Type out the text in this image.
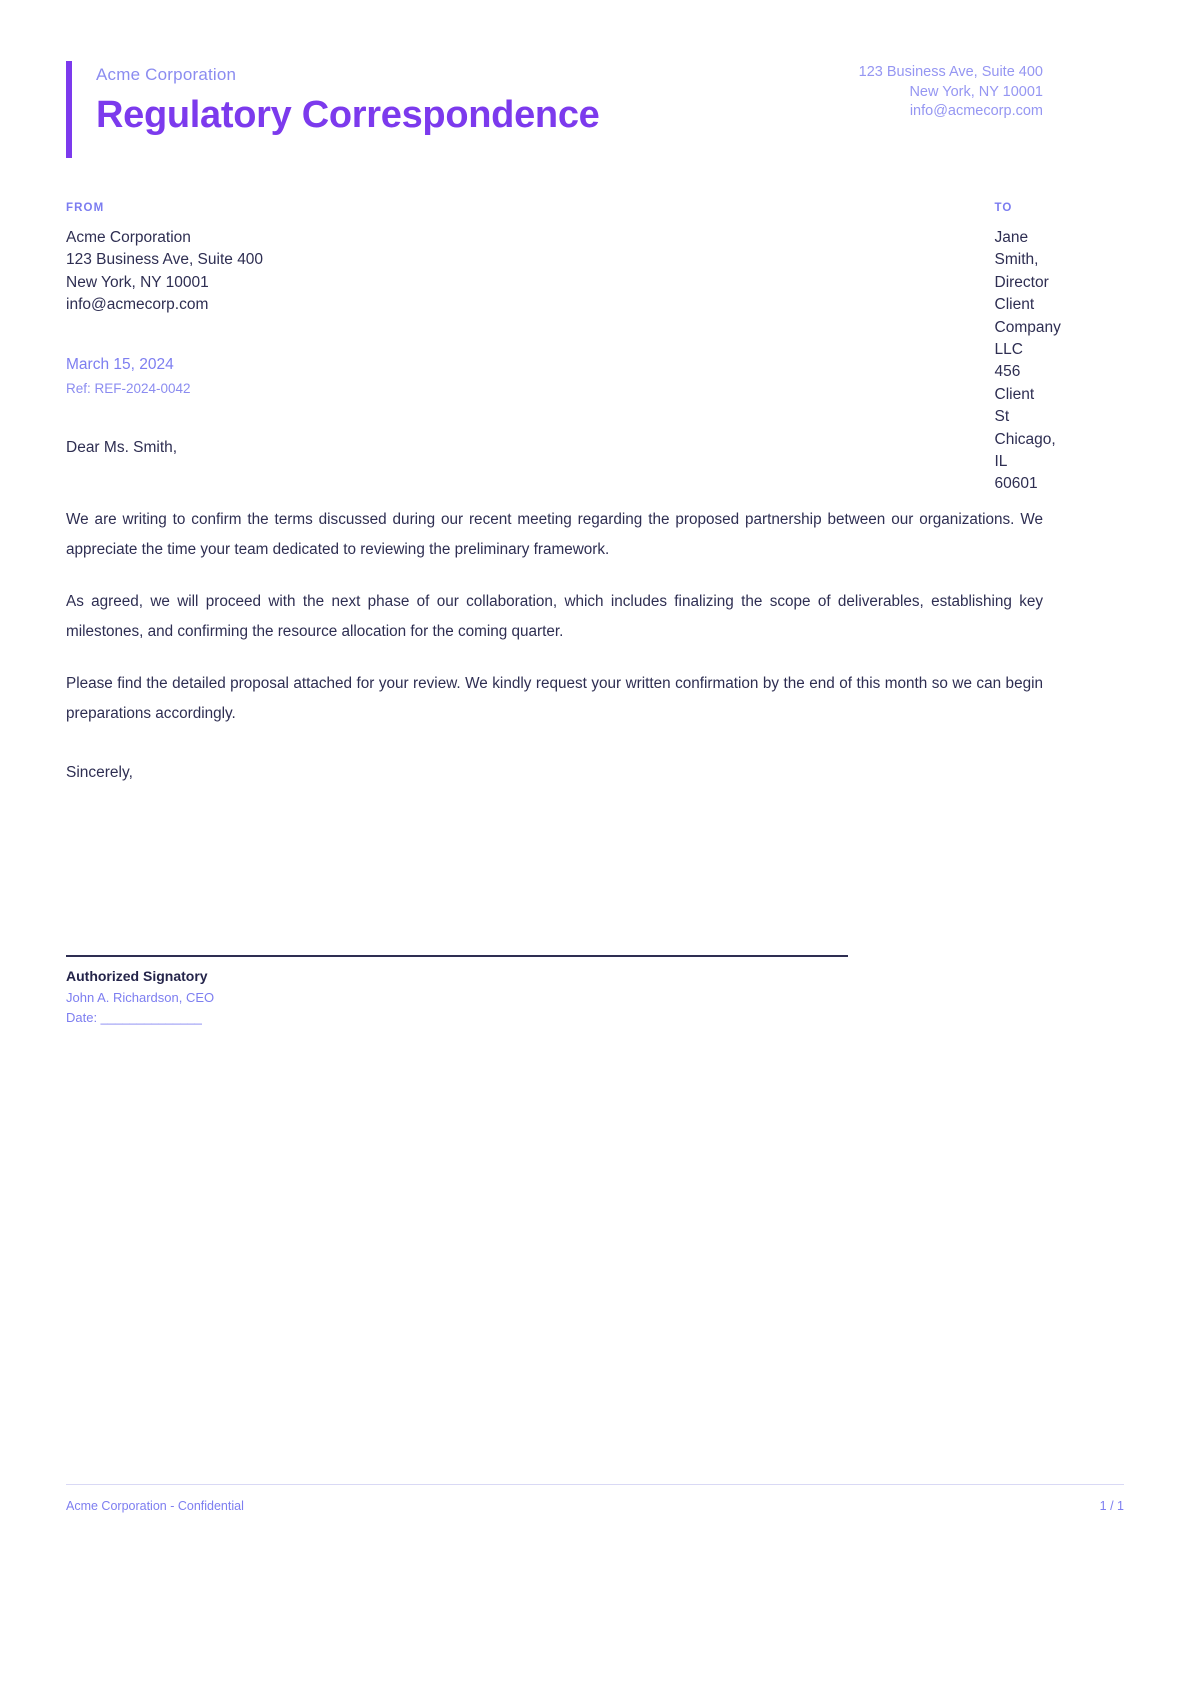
Acme Corporation
Regulatory Correspondence
123 Business Ave, Suite 400
New York, NY 10001
info@acmecorp.com
FROM
Acme Corporation
123 Business Ave, Suite 400
New York, NY 10001
info@acmecorp.com
TO
Jane Smith, Director
Client Company LLC
456 Client St
Chicago, IL 60601
March 15, 2024
Ref: REF-2024-0042
Dear Ms. Smith,

We are writing to confirm the terms discussed during our recent meeting regarding the proposed partnership between our organizations. We appreciate the time your team dedicated to reviewing the preliminary framework.

As agreed, we will proceed with the next phase of our collaboration, which includes finalizing the scope of deliverables, establishing key milestones, and confirming the resource allocation for the coming quarter.

Please find the detailed proposal attached for your review. We kindly request your written confirmation by the end of this month so we can begin preparations accordingly.

Sincerely,
Authorized Signatory
John A. Richardson, CEO
Date: ______________
Acme Corporation - Confidential	1 / 1
